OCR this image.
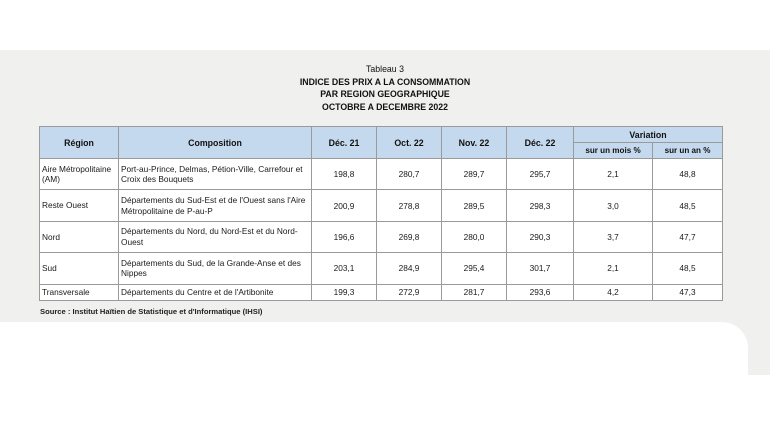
Tableau 3
INDICE DES PRIX A LA CONSOMMATION
PAR REGION GEOGRAPHIQUE
OCTOBRE A DECEMBRE 2022
Région	Composition	Déc. 21	Oct. 22	Nov. 22	Déc. 22	Variation	
						sur un mois %	sur un an %
Aire Métropolitaine (AM)	Port-au-Prince, Delmas, Pétion-Ville, Carrefour et Croix des Bouquets	198,8	280,7	289,7	295,7	2,1	48,8
Reste Ouest	Départements du Sud-Est et de l'Ouest sans l'Aire Métropolitaine de P-au-P	200,9	278,8	289,5	298,3	3,0	48,5
Nord	Départements du Nord, du Nord-Est et du Nord-Ouest	196,6	269,8	280,0	290,3	3,7	47,7
Sud	Départements du Sud, de la Grande-Anse et des Nippes	203,1	284,9	295,4	301,7	2,1	48,5
Transversale	Départements du Centre et de l'Artibonite	199,3	272,9	281,7	293,6	4,2	47,3
Source : Institut Haïtien de Statistique et d'Informatique (IHSI)
